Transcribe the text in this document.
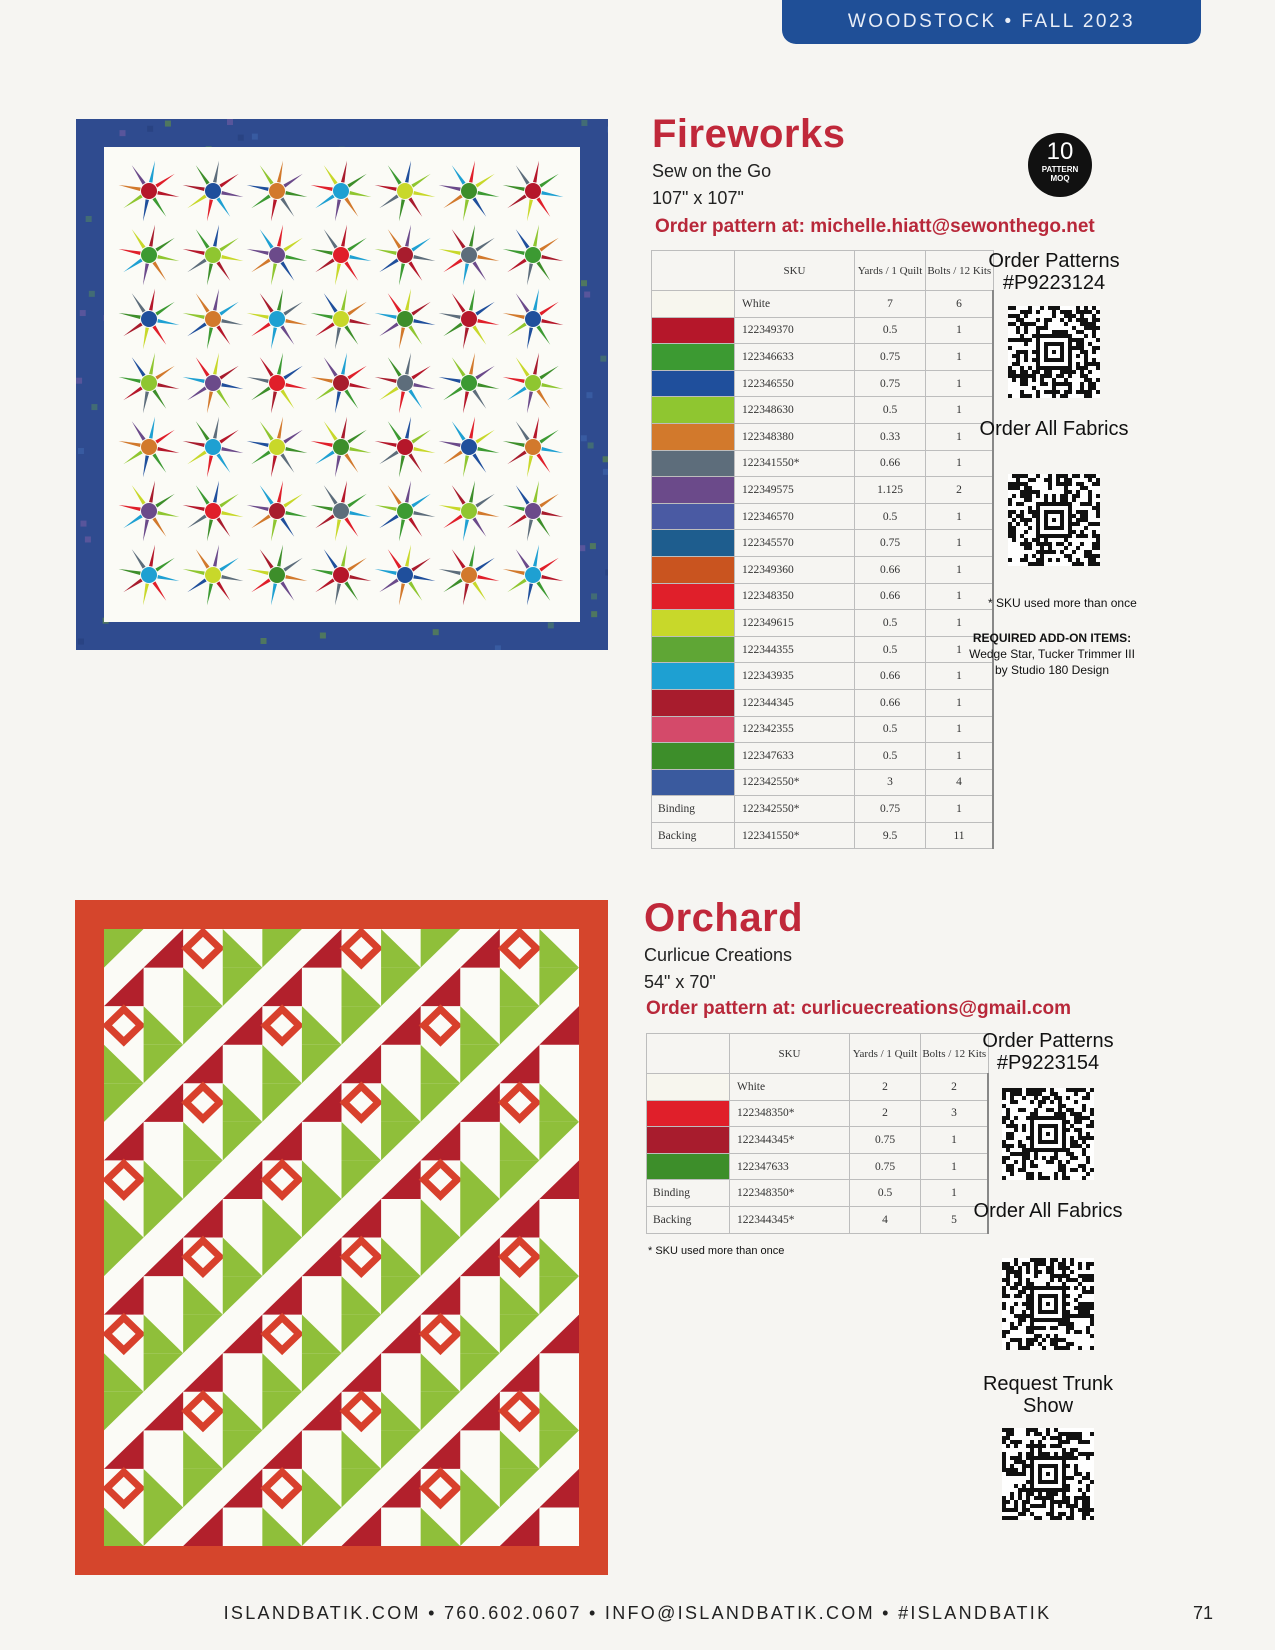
WOODSTOCK • FALL 2023
Fireworks
Sew on the Go
107" x 107"
Order pattern at: michelle.hiatt@sewonthego.net
10
PATTERN
MOQ
	SKU	Yards / 1 Quilt	Bolts / 12 Kits
	White	7	6
	122349370	0.5	1
	122346633	0.75	1
	122346550	0.75	1
	122348630	0.5	1
	122348380	0.33	1
	122341550*	0.66	1
	122349575	1.125	2
	122346570	0.5	1
	122345570	0.75	1
	122349360	0.66	1
	122348350	0.66	1
	122349615	0.5	1
	122344355	0.5	1
	122343935	0.66	1
	122344345	0.66	1
	122342355	0.5	1
	122347633	0.5	1
	122342550*	3	4
Binding	122342550*	0.75	1
Backing	122341550*	9.5	11
Order Patterns
#P9223124
Order All Fabrics
* SKU used more than once
REQUIRED ADD-ON ITEMS:
Wedge Star, Tucker Trimmer III by Studio 180 Design
Orchard
Curlicue Creations
54" x 70"
Order pattern at: curlicuecreations@gmail.com
	SKU	Yards / 1 Quilt	Bolts / 12 Kits
	White	2	2
	122348350*	2	3
	122344345*	0.75	1
	122347633	0.75	1
Binding	122348350*	0.5	1
Backing	122344345*	4	5
* SKU used more than once
Order Patterns
#P9223154
Order All Fabrics
Request Trunk Show
ISLANDBATIK.COM • 760.602.0607 • INFO@ISLANDBATIK.COM • #ISLANDBATIK	71
